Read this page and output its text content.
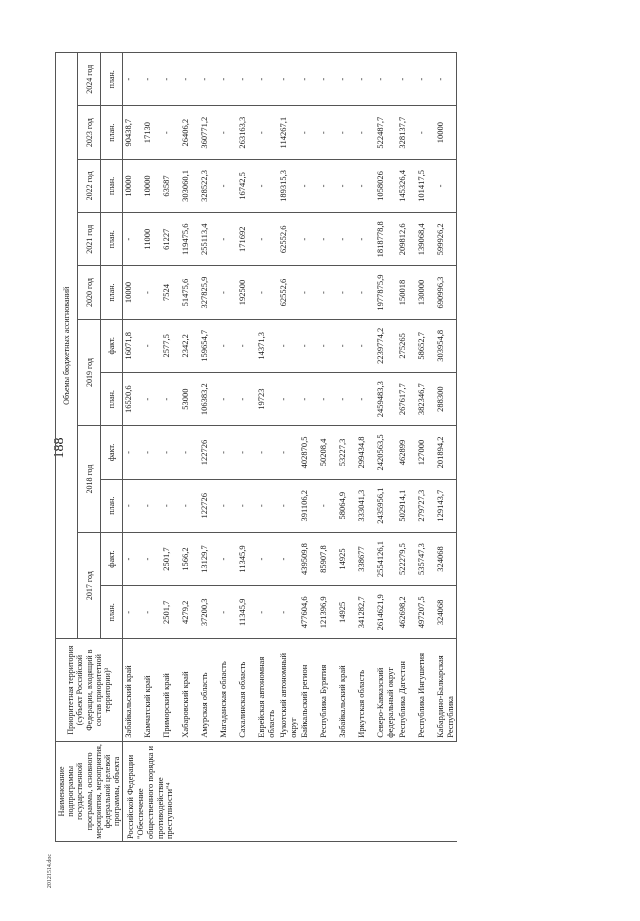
188
20121514.doc
Наименование подпрограммы государственной программы, основного мероприятия, мероприятия, федеральной целевой программы, объекта	Приоритетная территория (субъект Российской Федерации, входящий в состав приоритетной территории)³	Объемы бюджетных ассигнований										
		2017 год		2018 год		2019 год		2020 год	2021 год	2022 год	2023 год	2024 год
		план.	факт.	план.	факт.	план.	факт.	план.	план.	план.	план.	план.
Российской Федерации "Обеспечение общественного порядка и противодействие преступности"⁴	Забайкальский край	-	-	-	-	16520,6	16071,8	10000	-	10000	90438,7	-
	Камчатский край	-	-	-	-	-	-	-	11000	10000	17130	-
	Приморский край	2501,7	2501,7	-	-	-	2577,5	7524	61227	63587	-	-
	Хабаровский край	4279,2	1566,2	-	-	53000	2342,2	51475,6	119475,6	303060,1	26406,2	-
	Амурская область	37200,3	13129,7	122726	122726	106383,2	159654,7	327825,9	255113,4	328522,3	360771,2	-
	Магаданская область	-	-	-	-	-	-	-	-	-	-	-
	Сахалинская область	11345,9	11345,9	-	-	-	-	192500	171692	16742,5	263163,3	-
	Еврейская автономная область	-	-	-	-	19723	14371,3	-	-	-	-	-
	Чукотский автономный округ	-	-	-	-	-	-	62552,6	62552,6	189315,3	114267,1	-
	Байкальский регион	477604,6	439509,8	391106,2	402870,5	-	-	-	-	-	-	-
	Республика Бурятия	121396,9	85907,8	-	50208,4	-	-	-	-	-	-	-
	Забайкальский край	14925	14925	58064,9	53227,3	-	-	-	-	-	-	-
	Иркутская область	341282,7	338677	333041,3	299434,8	-	-	-	-	-	-	-
	Северо-Кавказский федеральный округ	2614621,9	2554126,1	2435956,1	2420563,5	2459483,3	2239774,2	1977875,9	1818778,8	1058026	522487,7	-
	Республика Дагестан	462698,2	522279,5	502914,1	462899	267617,7	275265	150018	209812,6	145326,4	328137,7	-
	Республика Ингушетия	497207,5	535747,3	279727,3	127000	382346,7	58652,7	130000	139068,4	101417,5	-	-
	Кабардино-Балкарская Республика	324068	324068	129143,7	201894,2	288300	303954,8	690996,3	599926,2	-	10000	-
